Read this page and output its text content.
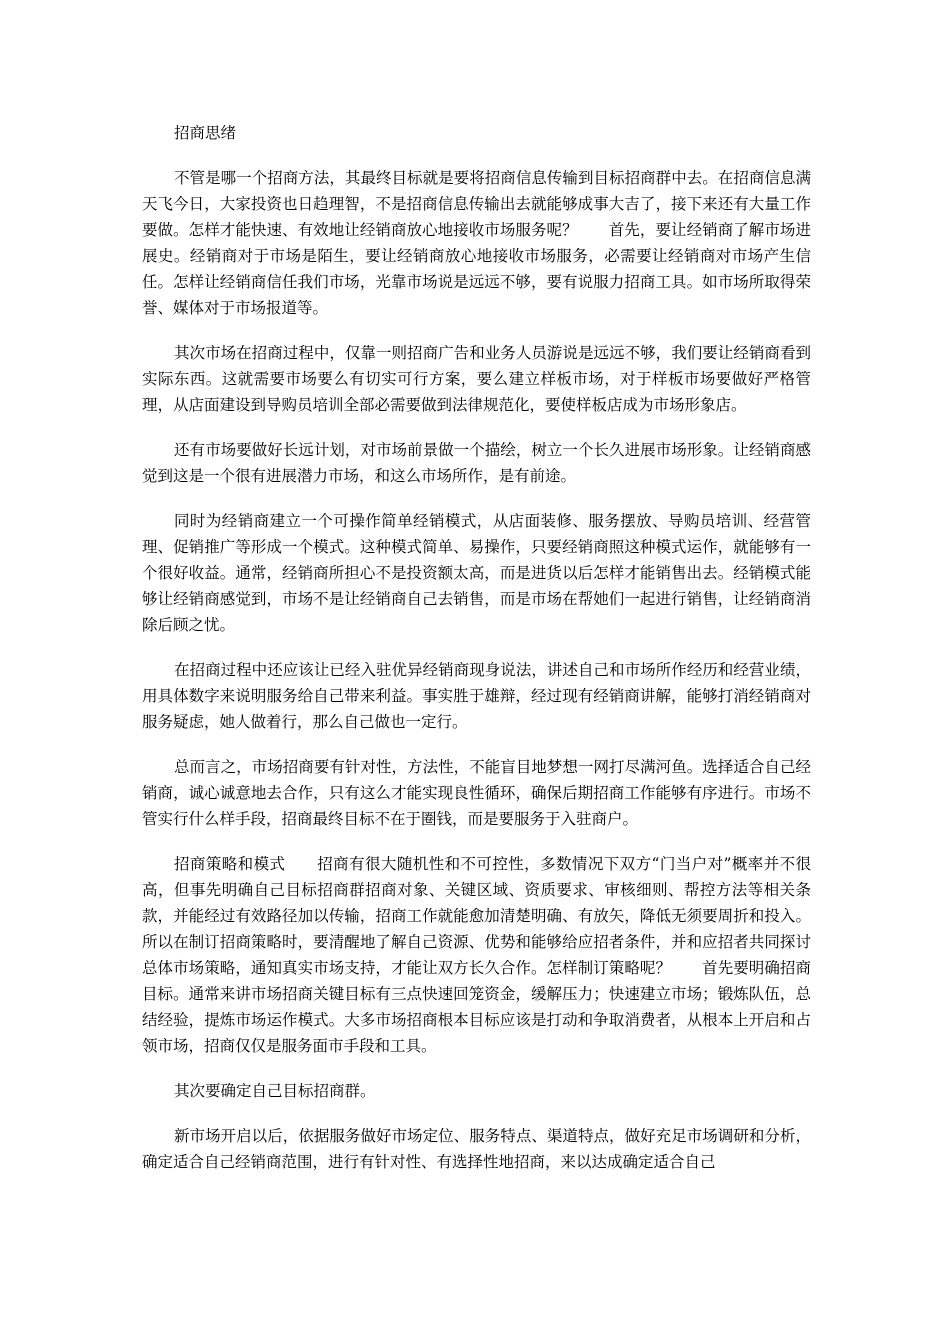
招商思绪

不管是哪一个招商方法，其最终目标就是要将招商信息传输到目标招商群中去。在招商信息满天飞今日，大家投资也日趋理智，不是招商信息传输出去就能够成事大吉了，接下来还有大量工作要做。怎样才能快速、有效地让经销商放心地接收市场服务呢？　　首先，要让经销商了解市场进展史。经销商对于市场是陌生，要让经销商放心地接收市场服务，必需要让经销商对市场产生信任。怎样让经销商信任我们市场，光靠市场说是远远不够，要有说服力招商工具。如市场所取得荣誉、媒体对于市场报道等。

其次市场在招商过程中，仅靠一则招商广告和业务人员游说是远远不够，我们要让经销商看到实际东西。这就需要市场要么有切实可行方案，要么建立样板市场，对于样板市场要做好严格管理，从店面建设到导购员培训全部必需要做到法律规范化，要使样板店成为市场形象店。

还有市场要做好长远计划，对市场前景做一个描绘，树立一个长久进展市场形象。让经销商感觉到这是一个很有进展潜力市场，和这么市场所作，是有前途。

同时为经销商建立一个可操作简单经销模式，从店面装修、服务摆放、导购员培训、经营管理、促销推广等形成一个模式。这种模式简单、易操作，只要经销商照这种模式运作，就能够有一个很好收益。通常，经销商所担心不是投资额太高，而是进货以后怎样才能销售出去。经销模式能够让经销商感觉到，市场不是让经销商自己去销售，而是市场在帮她们一起进行销售，让经销商消除后顾之忧。

在招商过程中还应该让已经入驻优异经销商现身说法，讲述自己和市场所作经历和经营业绩，用具体数字来说明服务给自己带来利益。事实胜于雄辩，经过现有经销商讲解，能够打消经销商对服务疑虑，她人做着行，那么自己做也一定行。

总而言之，市场招商要有针对性，方法性，不能盲目地梦想一网打尽满河鱼。选择适合自己经销商，诚心诚意地去合作，只有这么才能实现良性循环，确保后期招商工作能够有序进行。市场不管实行什么样手段，招商最终目标不在于圈钱，而是要服务于入驻商户。

招商策略和模式　　招商有很大随机性和不可控性，多数情况下双方“门当户对”概率并不很高，但事先明确自己目标招商群招商对象、关键区域、资质要求、审核细则、帮控方法等相关条款，并能经过有效路径加以传输，招商工作就能愈加清楚明确、有放矢，降低无须要周折和投入。所以在制订招商策略时，要清醒地了解自己资源、优势和能够给应招者条件，并和应招者共同探讨总体市场策略，通知真实市场支持，才能让双方长久合作。怎样制订策略呢？　　首先要明确招商目标。通常来讲市场招商关键目标有三点快速回笼资金，缓解压力；快速建立市场；锻炼队伍，总结经验，提炼市场运作模式。大多市场招商根本目标应该是打动和争取消费者，从根本上开启和占领市场，招商仅仅是服务面市手段和工具。

其次要确定自己目标招商群。

新市场开启以后，依据服务做好市场定位、服务特点、渠道特点，做好充足市场调研和分析，确定适合自己经销商范围，进行有针对性、有选择性地招商，来以达成确定适合自己
